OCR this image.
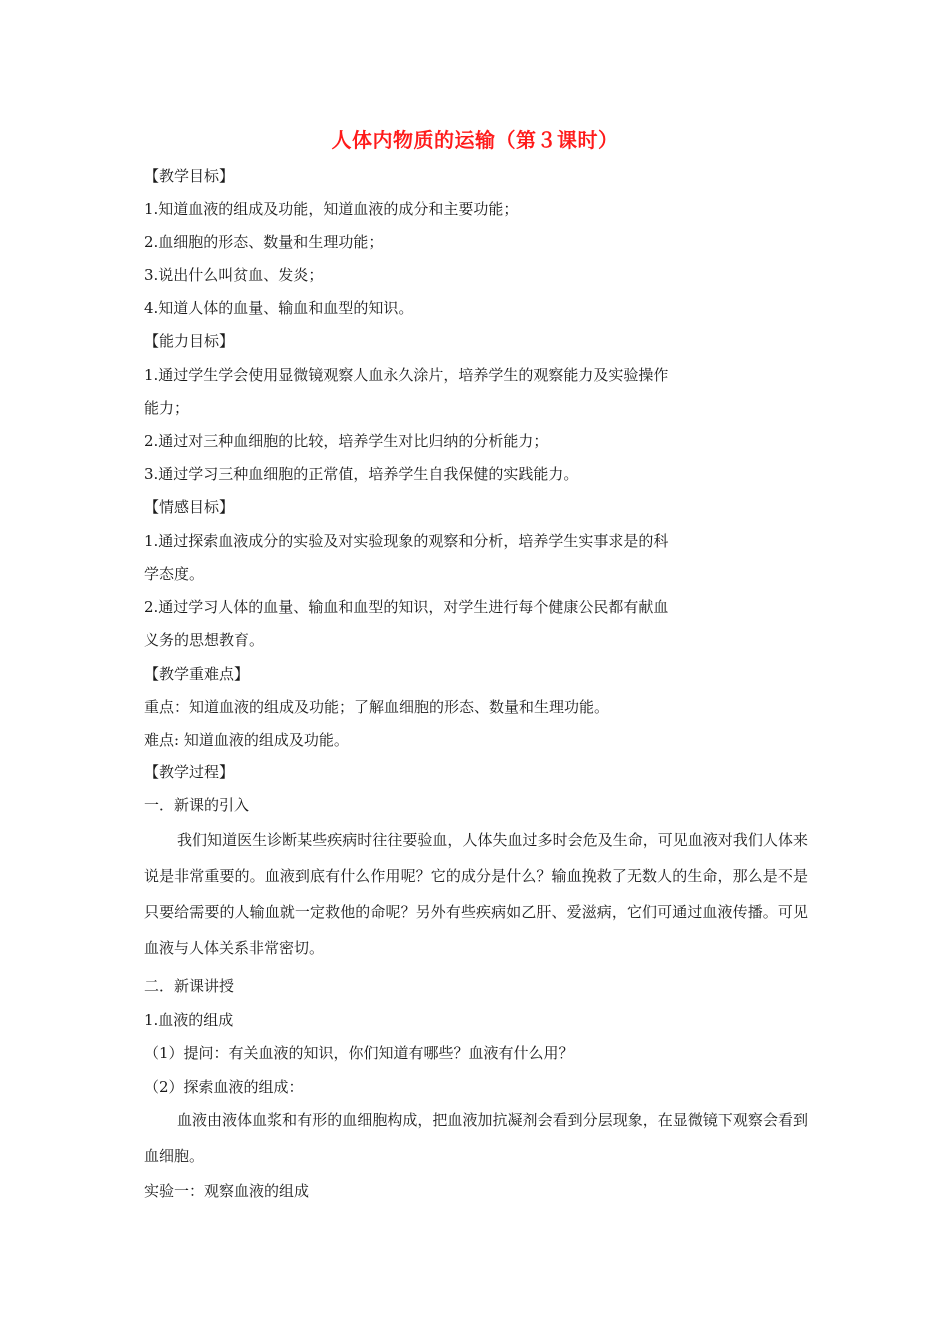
人体内物质的运输（第３课时）
【教学目标】
1.知道血液的组成及功能，知道血液的成分和主要功能；
2.血细胞的形态、数量和生理功能；
3.说出什么叫贫血、发炎；
4.知道人体的血量、输血和血型的知识。
【能力目标】
1.通过学生学会使用显微镜观察人血永久涂片，培养学生的观察能力及实验操作
能力；
2.通过对三种血细胞的比较，培养学生对比归纳的分析能力；
3.通过学习三种血细胞的正常值，培养学生自我保健的实践能力。
【情感目标】
1.通过探索血液成分的实验及对实验现象的观察和分析，培养学生实事求是的科
学态度。
2.通过学习人体的血量、输血和血型的知识，对学生进行每个健康公民都有献血
义务的思想教育。
【教学重难点】
重点：知道血液的组成及功能；了解血细胞的形态、数量和生理功能。
难点: 知道血液的组成及功能。
【教学过程】
一．新课的引入
我们知道医生诊断某些疾病时往往要验血，人体失血过多时会危及生命，可见血液对我们人体来说是非常重要的。血液到底有什么作用呢？它的成分是什么？输血挽救了无数人的生命，那么是不是只要给需要的人输血就一定救他的命呢？另外有些疾病如乙肝、爱滋病，它们可通过血液传播。可见血液与人体关系非常密切。
二．新课讲授
1.血液的组成
（1）提问：有关血液的知识，你们知道有哪些？血液有什么用？
（2）探索血液的组成：
血液由液体血浆和有形的血细胞构成，把血液加抗凝剂会看到分层现象，在显微镜下观察会看到血细胞。
实验一：观察血液的组成
